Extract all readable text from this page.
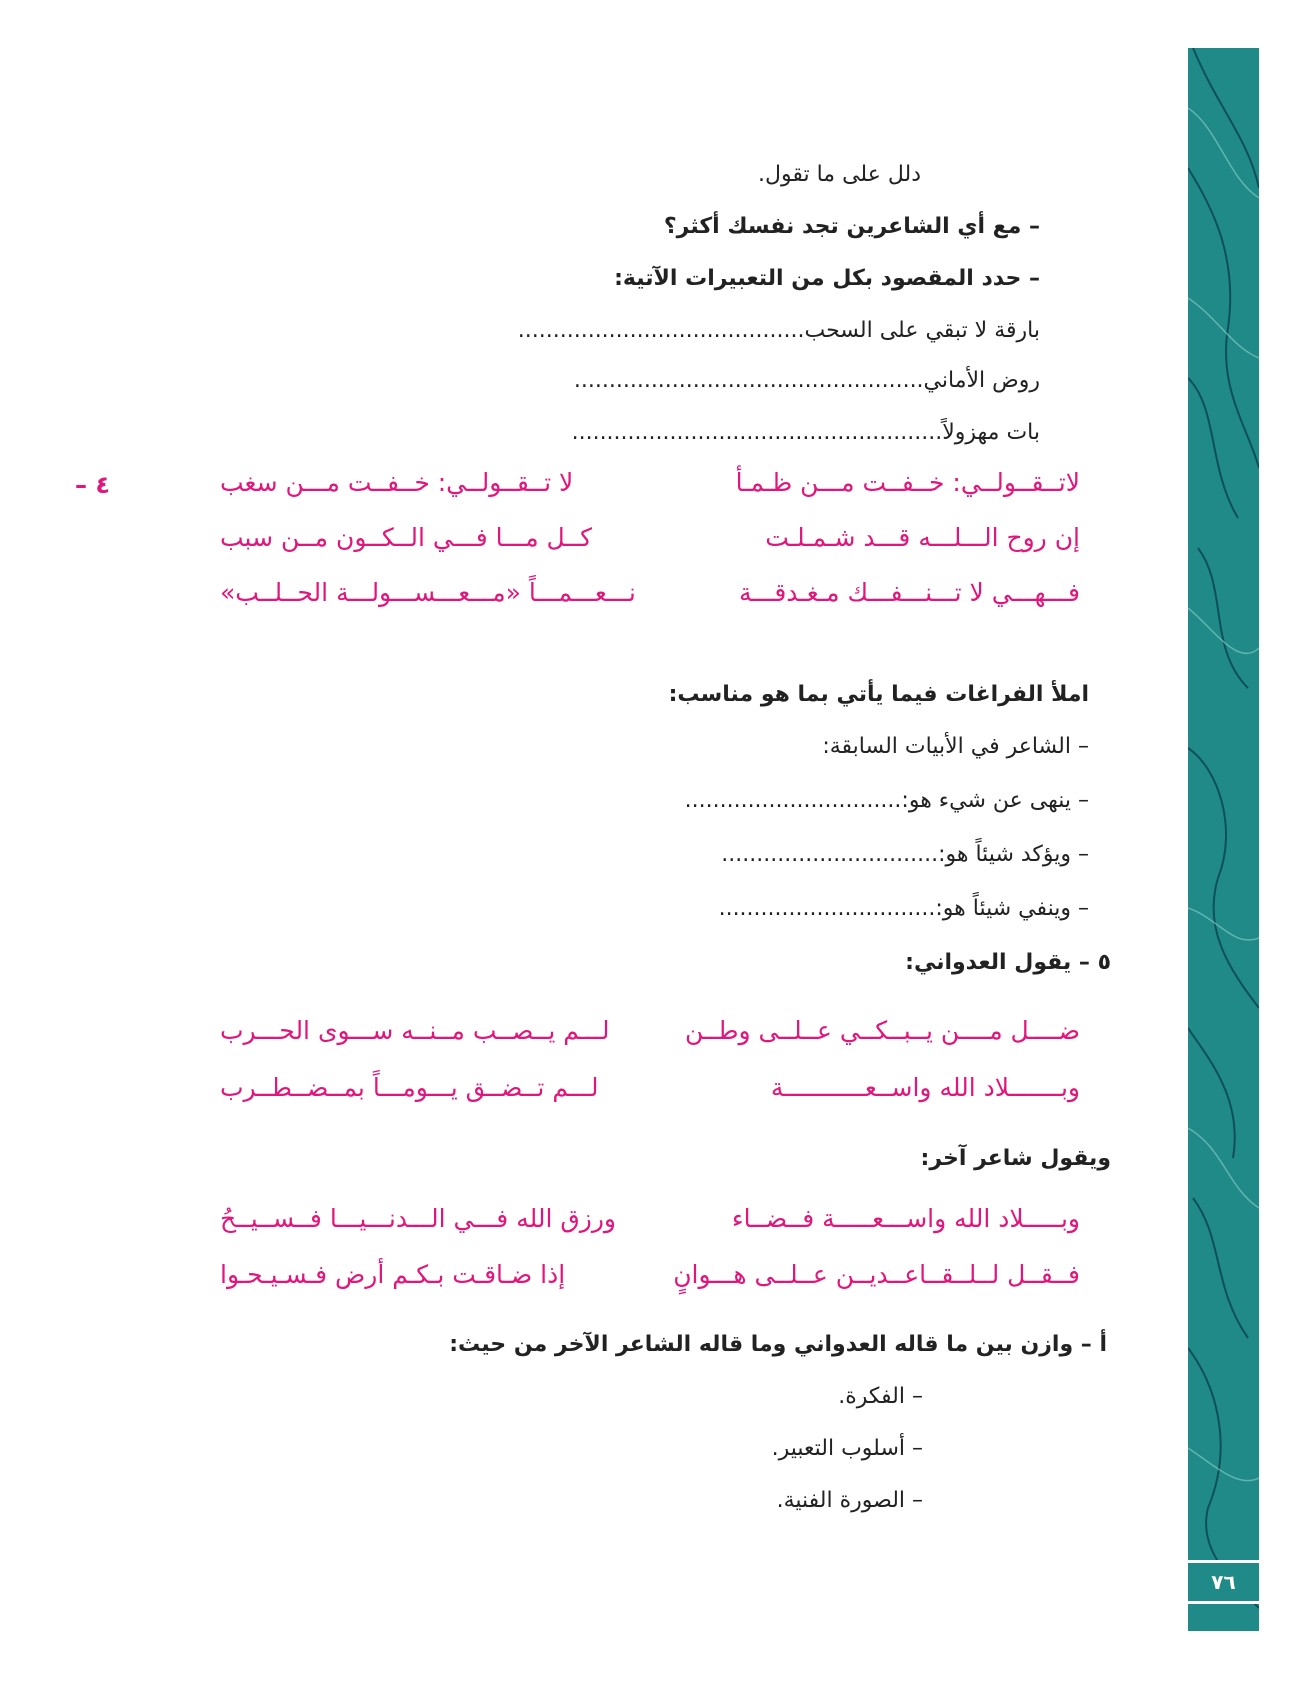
٧٦
دلل على ما تقول.
– مع أي الشاعرين تجد نفسك أكثر؟
– حدد المقصود بكل من التعبيرات الآتية:
بارقة لا تبقي على السحب.........................................
روض الأماني..................................................
بات مهزولاً.....................................................
٤ –	لاتــقــولــي: خــفــت مـــن ظـمـأ
لا تــقــولــي: خــفــت مـــن سغب
إن روح الـــلـــه قـــد شـمـلـت
كــل مـــا فـــي الــكــون مــن سبب
فـــهـــي لا تـــنـــفـــك مـغـدقـــة
نـــعـــمـــاً «مـــعـــســـولـــة الحــلــب»
املأ الفراغات فيما يأتي بما هو مناسب:
– الشاعر في الأبيات السابقة:
– ينهى عن شيء هو:...............................
– ويؤكد شيئاً هو:...............................
– وينفي شيئاً هو:...............................
٥ – يقول العدواني:
ضــــل مــــن يــبــكــي عــلــى وطــن
لـــم يــصــب مــنــه ســـوى الحـــرب
وبـــــــلاد الله واســعـــــــــــة
لـــم تــضــق يـــومـــاً بمــضــطــرب
ويقول شاعر آخر:
وبـــــلاد الله واســـعـــــة فــضــاء
ورزق الله فـــي الـــدنـــيـــا فــســيــحُ
فــقــل لــلــقــاعــديــن عــلــى هـــوانٍ
إذا ضـاقـت بـكـم أرض فـسـيـحـوا
أ – وازن بين ما قاله العدواني وما قاله الشاعر الآخر من حيث:
– الفكرة.
– أسلوب التعبير.
– الصورة الفنية.
